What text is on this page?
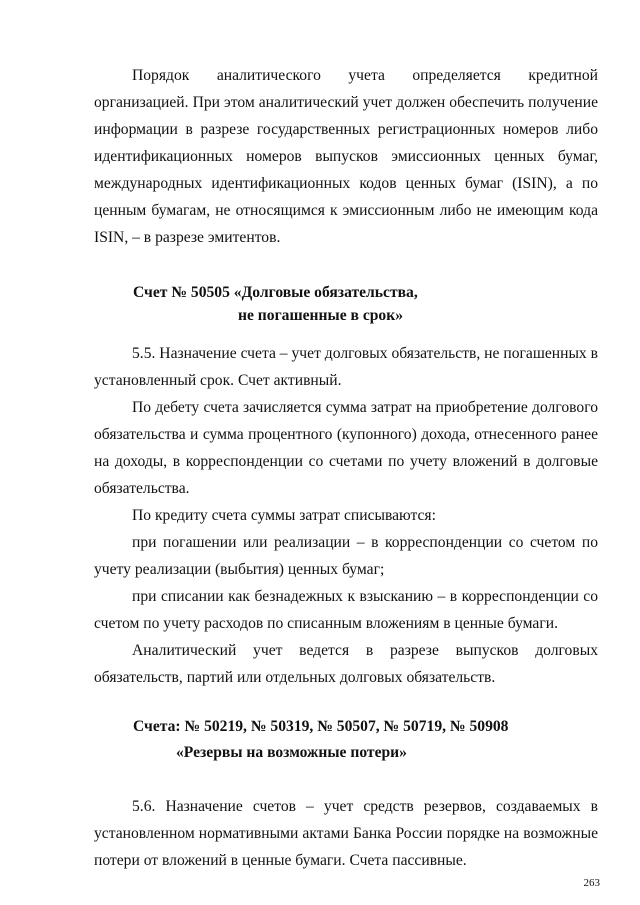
Порядок аналитического учета определяется кредитной организацией. При этом аналитический учет должен обеспечить получение информации в разрезе государственных регистрационных номеров либо идентификационных номеров выпусков эмиссионных ценных бумаг, международных идентификационных кодов ценных бумаг (ISIN), а по ценным бумагам, не относящимся к эмиссионным либо не имеющим кода ISIN, – в разрезе эмитентов.

Счет № 50505 «Долговые обязательства,
не погашенные в срок»

5.5. Назначение счета – учет долговых обязательств, не погашенных в установленный срок. Счет активный.

По дебету счета зачисляется сумма затрат на приобретение долгового обязательства и сумма процентного (купонного) дохода, отнесенного ранее на доходы, в корреспонденции со счетами по учету вложений в долговые обязательства.

По кредиту счета суммы затрат списываются:

при погашении или реализации – в корреспонденции со счетом по учету реализации (выбытия) ценных бумаг;

при списании как безнадежных к взысканию – в корреспонденции со счетом по учету расходов по списанным вложениям в ценные бумаги.

Аналитический учет ведется в разрезе выпусков долговых обязательств, партий или отдельных долговых обязательств.

Счета: № 50219, № 50319, № 50507, № 50719, № 50908
«Резервы на возможные потери»

5.6. Назначение счетов – учет средств резервов, создаваемых в установленном нормативными актами Банка России порядке на возможные потери от вложений в ценные бумаги. Счета пассивные.

263
